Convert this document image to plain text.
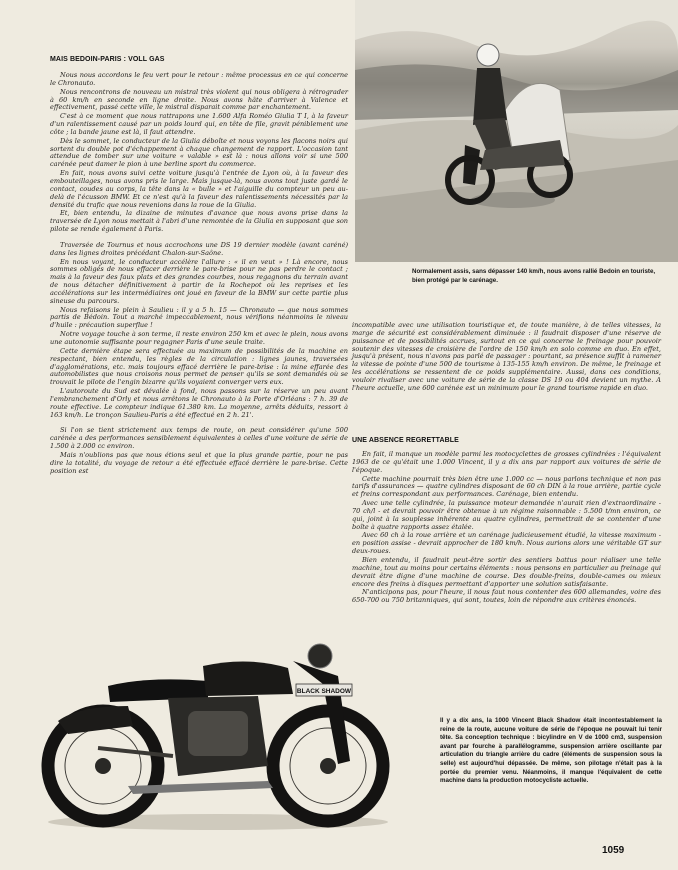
MAIS BEDOIN-PARIS : VOLL GAS

Nous nous accordons le feu vert pour le retour : même processus en ce qui concerne le Chronauto.

Nous rencontrons de nouveau un mistral très violent qui nous obligera à rétrograder à 60 km/h en seconde en ligne droite. Nous avons hâte d'arriver à Valence et effectivement, passé cette ville, le mistral disparait comme par enchantement.

C'est à ce moment que nous rattrapons une 1.600 Alfa Roméo Giulia T I, à la faveur d'un ralentissement causé par un poids lourd qui, en tête de file, gravit péniblement une côte ; la bande jaune est là, il faut attendre.

Dès le sommet, le conducteur de la Giulia déboîte et nous voyons les flacons noirs qui sortent du double pot d'échappement à chaque changement de rapport. L'occasion tant attendue de tomber sur une voiture « valable » est là : nous allons voir si une 500 carénée peut damer le pion à une berline sport du commerce.

En fait, nous avons suivi cette voiture jusqu'à l'entrée de Lyon où, à la faveur des embouteillages, nous avons pris le large. Mais jusque-là, nous avons tout juste gardé le contact, coudes au corps, la tête dans la « bulle » et l'aiguille du compteur un peu au-delà de l'écusson BMW. Et ce n'est qu'à la faveur des ralentissements nécessités par la densité du trafic que nous revenions dans la roue de la Giulia.

Et, bien entendu, la dizaine de minutes d'avance que nous avons prise dans la traversée de Lyon nous mettait à l'abri d'une remontée de la Giulia en supposant que son pilote se rende également à Paris.

Traversée de Tournus et nous accrochons une DS 19 dernier modèle (avant caréné) dans les lignes droites précédant Chalon-sur-Saône.

En nous voyant, le conducteur accélère l'allure : « il en veut » ! Là encore, nous sommes obligés de nous effacer derrière le pare-brise pour ne pas perdre le contact ; mais à la faveur des faux plats et des grandes courbes, nous regagnons du terrain avant de nous détacher définitivement à partir de la Rochepot où les reprises et les accélérations sur les intermédiaires ont joué en faveur de la BMW sur cette partie plus sineuse du parcours.

Nous refaisons le plein à Saulieu : il y a 5 h. 15 — Chronauto — que nous sommes partis de Bédoin. Tout a marché impeccablement, nous vérifions néanmoins le niveau d'huile : précaution superflue !

Notre voyage touche à son terme, il reste environ 250 km et avec le plein, nous avons une autonomie suffisante pour regagner Paris d'une seule traite.

Cette dernière étape sera effectuée au maximum de possibilités de la machine en respectant, bien entendu, les règles de la circulation : lignes jaunes, traversées d'agglomérations, etc. mais toujours effacé derrière le pare-brise : la mine effarée des automobilistes que nous croisons nous permet de penser qu'ils se sont demandés où se trouvait le pilote de l'engin bizarre qu'ils voyaient converger vers eux.

L'autoroute du Sud est dévalée à fond, nous passons sur la réserve un peu avant l'embranchement d'Orly et nous arrêtons le Chronauto à la Porte d'Orléans : 7 h. 39 de route effective. Le compteur indique 61.380 km. La moyenne, arrêts déduits, ressort à 163 km/h. Le tronçon Saulieu-Paris a été effectué en 2 h. 21'.

Si l'on se tient strictement aux temps de route, on peut considérer qu'une 500 carénée a des performances sensiblement équivalentes à celles d'une voiture de série de 1.500 à 2.000 cc environ.

Mais n'oublions pas que nous étions seul et que la plus grande partie, pour ne pas dire la totalité, du voyage de retour a été effectuée effacé derrière le pare-brise. Cette position est

Normalement assis, sans dépasser 140 km/h, nous avons rallié Bedoin en touriste, bien protégé par le carénage.

incompatible avec une utilisation touristique et, de toute manière, à de telles vitesses, la marge de sécurité est considérablement diminuée : il faudrait disposer d'une réserve de puissance et de possibilités accrues, surtout en ce qui concerne le freinage pour pouvoir soutenir des vitesses de croisière de l'ordre de 150 km/h en solo comme en duo. En effet, jusqu'à présent, nous n'avons pas parlé de passager : pourtant, sa présence suffit à ramener la vitesse de pointe d'une 500 de tourisme à 135-155 km/h environ. De même, le freinage et les accélérations se ressentent de ce poids supplémentaire. Aussi, dans ces conditions, vouloir rivaliser avec une voiture de série de la classe DS 19 ou 404 devient un mythe. A l'heure actuelle, une 600 carénée est un minimum pour le grand tourisme rapide en duo.

UNE ABSENCE REGRETTABLE

En fait, il manque un modèle parmi les motocyclettes de grosses cylindrées : l'équivalent 1963 de ce qu'était une 1.000 Vincent, il y a dix ans par rapport aux voitures de série de l'époque.

Cette machine pourrait très bien être une 1.000 cc — nous parlons technique et non pas tarifs d'assurances — quatre cylindres disposant de 60 ch DIN à la roue arrière, partie cycle et freins correspondant aux performances. Carénage, bien entendu.

Avec une telle cylindrée, la puissance moteur demandée n'aurait rien d'extraordinaire - 70 ch/l - et devrait pouvoir être obtenue à un régime raisonnable : 5.500 t/mn environ, ce qui, joint à la souplesse inhérente au quatre cylindres, permettrait de se contenter d'une boîte à quatre rapports assez étalée.

Avec 60 ch à la roue arrière et un carénage judicieusement étudié, la vitesse maximum - en position assise - devrait approcher de 180 km/h. Nous aurions alors une véritable GT sur deux-roues.

Bien entendu, il faudrait peut-être sortir des sentiers battus pour réaliser une telle machine, tout au moins pour certains éléments : nous pensons en particulier au freinage qui devrait être digne d'une machine de course. Des double-freins, double-cames ou mieux encore des freins à disques permettant d'apporter une solution satisfaisante.

N'anticipons pas, pour l'heure, il nous faut nous contenter des 600 allemandes, voire des 650-700 ou 750 britanniques, qui sont, toutes, loin de répondre aux critères énoncés.

BLACK SHADOW
Il y a dix ans, la 1000 Vincent Black Shadow était incontestablement la reine de la route, aucune voiture de série de l'époque ne pouvait lui tenir tête. Sa conception technique : bicylindre en V de 1000 cm3, suspension avant par fourche à parallélogramme, suspension arrière oscillante par articulation du triangle arrière du cadre (éléments de suspension sous la selle) est aujourd'hui dépassée. De même, son pilotage n'était pas à la portée du premier venu. Néanmoins, il manque l'équivalent de cette machine dans la production motocycliste actuelle.
1059
